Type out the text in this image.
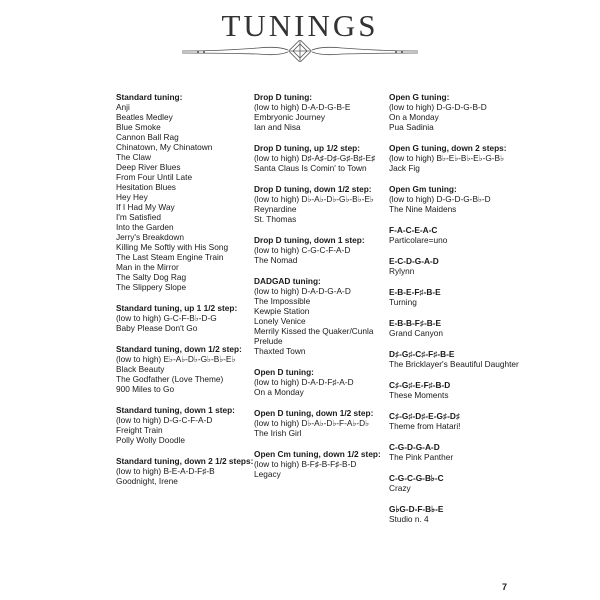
TUNINGS
Standard tuning:
Anji
Beatles Medley
Blue Smoke
Cannon Ball Rag
Chinatown, My Chinatown
The Claw
Deep River Blues
From Four Until Late
Hesitation Blues
Hey Hey
If I Had My Way
I'm Satisfied
Into the Garden
Jerry's Breakdown
Killing Me Softly with His Song
The Last Steam Engine Train
Man in the Mirror
The Salty Dog Rag
The Slippery Slope
Standard tuning, up 1 1/2 step:
(low to high) G-C-F-B♭-D-G
Baby Please Don't Go
Standard tuning, down 1/2 step:
(low to high) E♭-A♭-D♭-G♭-B♭-E♭
Black Beauty
The Godfather (Love Theme)
900 Miles to Go
Standard tuning, down 1 step:
(low to high) D-G-C-F-A-D
Freight Train
Polly Wolly Doodle
Standard tuning, down 2 1/2 steps:
(low to high) B-E-A-D-F♯-B
Goodnight, Irene
Drop D tuning:
(low to high) D-A-D-G-B-E
Embryonic Journey
Ian and Nisa
Drop D tuning, up 1/2 step:
(low to high) D♯-A♯-D♯-G♯-B♯-E♯
Santa Claus Is Comin' to Town
Drop D tuning, down 1/2 step:
(low to high) D♭-A♭-D♭-G♭-B♭-E♭
Reynardine
St. Thomas
Drop D tuning, down 1 step:
(low to high) C-G-C-F-A-D
The Nomad
DADGAD tuning:
(low to high) D-A-D-G-A-D
The Impossible
Kewpie Station
Lonely Venice
Merrily Kissed the Quaker/Cunla
Prelude
Thaxted Town
Open D tuning:
(low to high) D-A-D-F♯-A-D
On a Monday
Open D tuning, down 1/2 step:
(low to high) D♭-A♭-D♭-F-A♭-D♭
The Irish Girl
Open Cm tuning, down 1/2 step:
(low to high) B-F♯-B-F♯-B-D
Legacy
Open G tuning:
(low to high) D-G-D-G-B-D
On a Monday
Pua Sadinia
Open G tuning, down 2 steps:
(low to high) B♭-E♭-B♭-E♭-G-B♭
Jack Fig
Open Gm tuning:
(low to high) D-G-D-G-B♭-D
The Nine Maidens
F-A-C-E-A-C
Particolare=uno
E-C-D-G-A-D
Rylynn
E-B-E-F♯-B-E
Turning
E-B-B-F♯-B-E
Grand Canyon
D♯-G♯-C♯-F♯-B-E
The Bricklayer's Beautiful Daughter
C♯-G♯-E-F♯-B-D
These Moments
C♯-G♯-D♯-E-G♯-D♯
Theme from Hatari!
C-G-D-G-A-D
The Pink Panther
C-G-C-G-B♭-C
Crazy
G♭G-D-F-B♭-E
Studio n. 4
7
